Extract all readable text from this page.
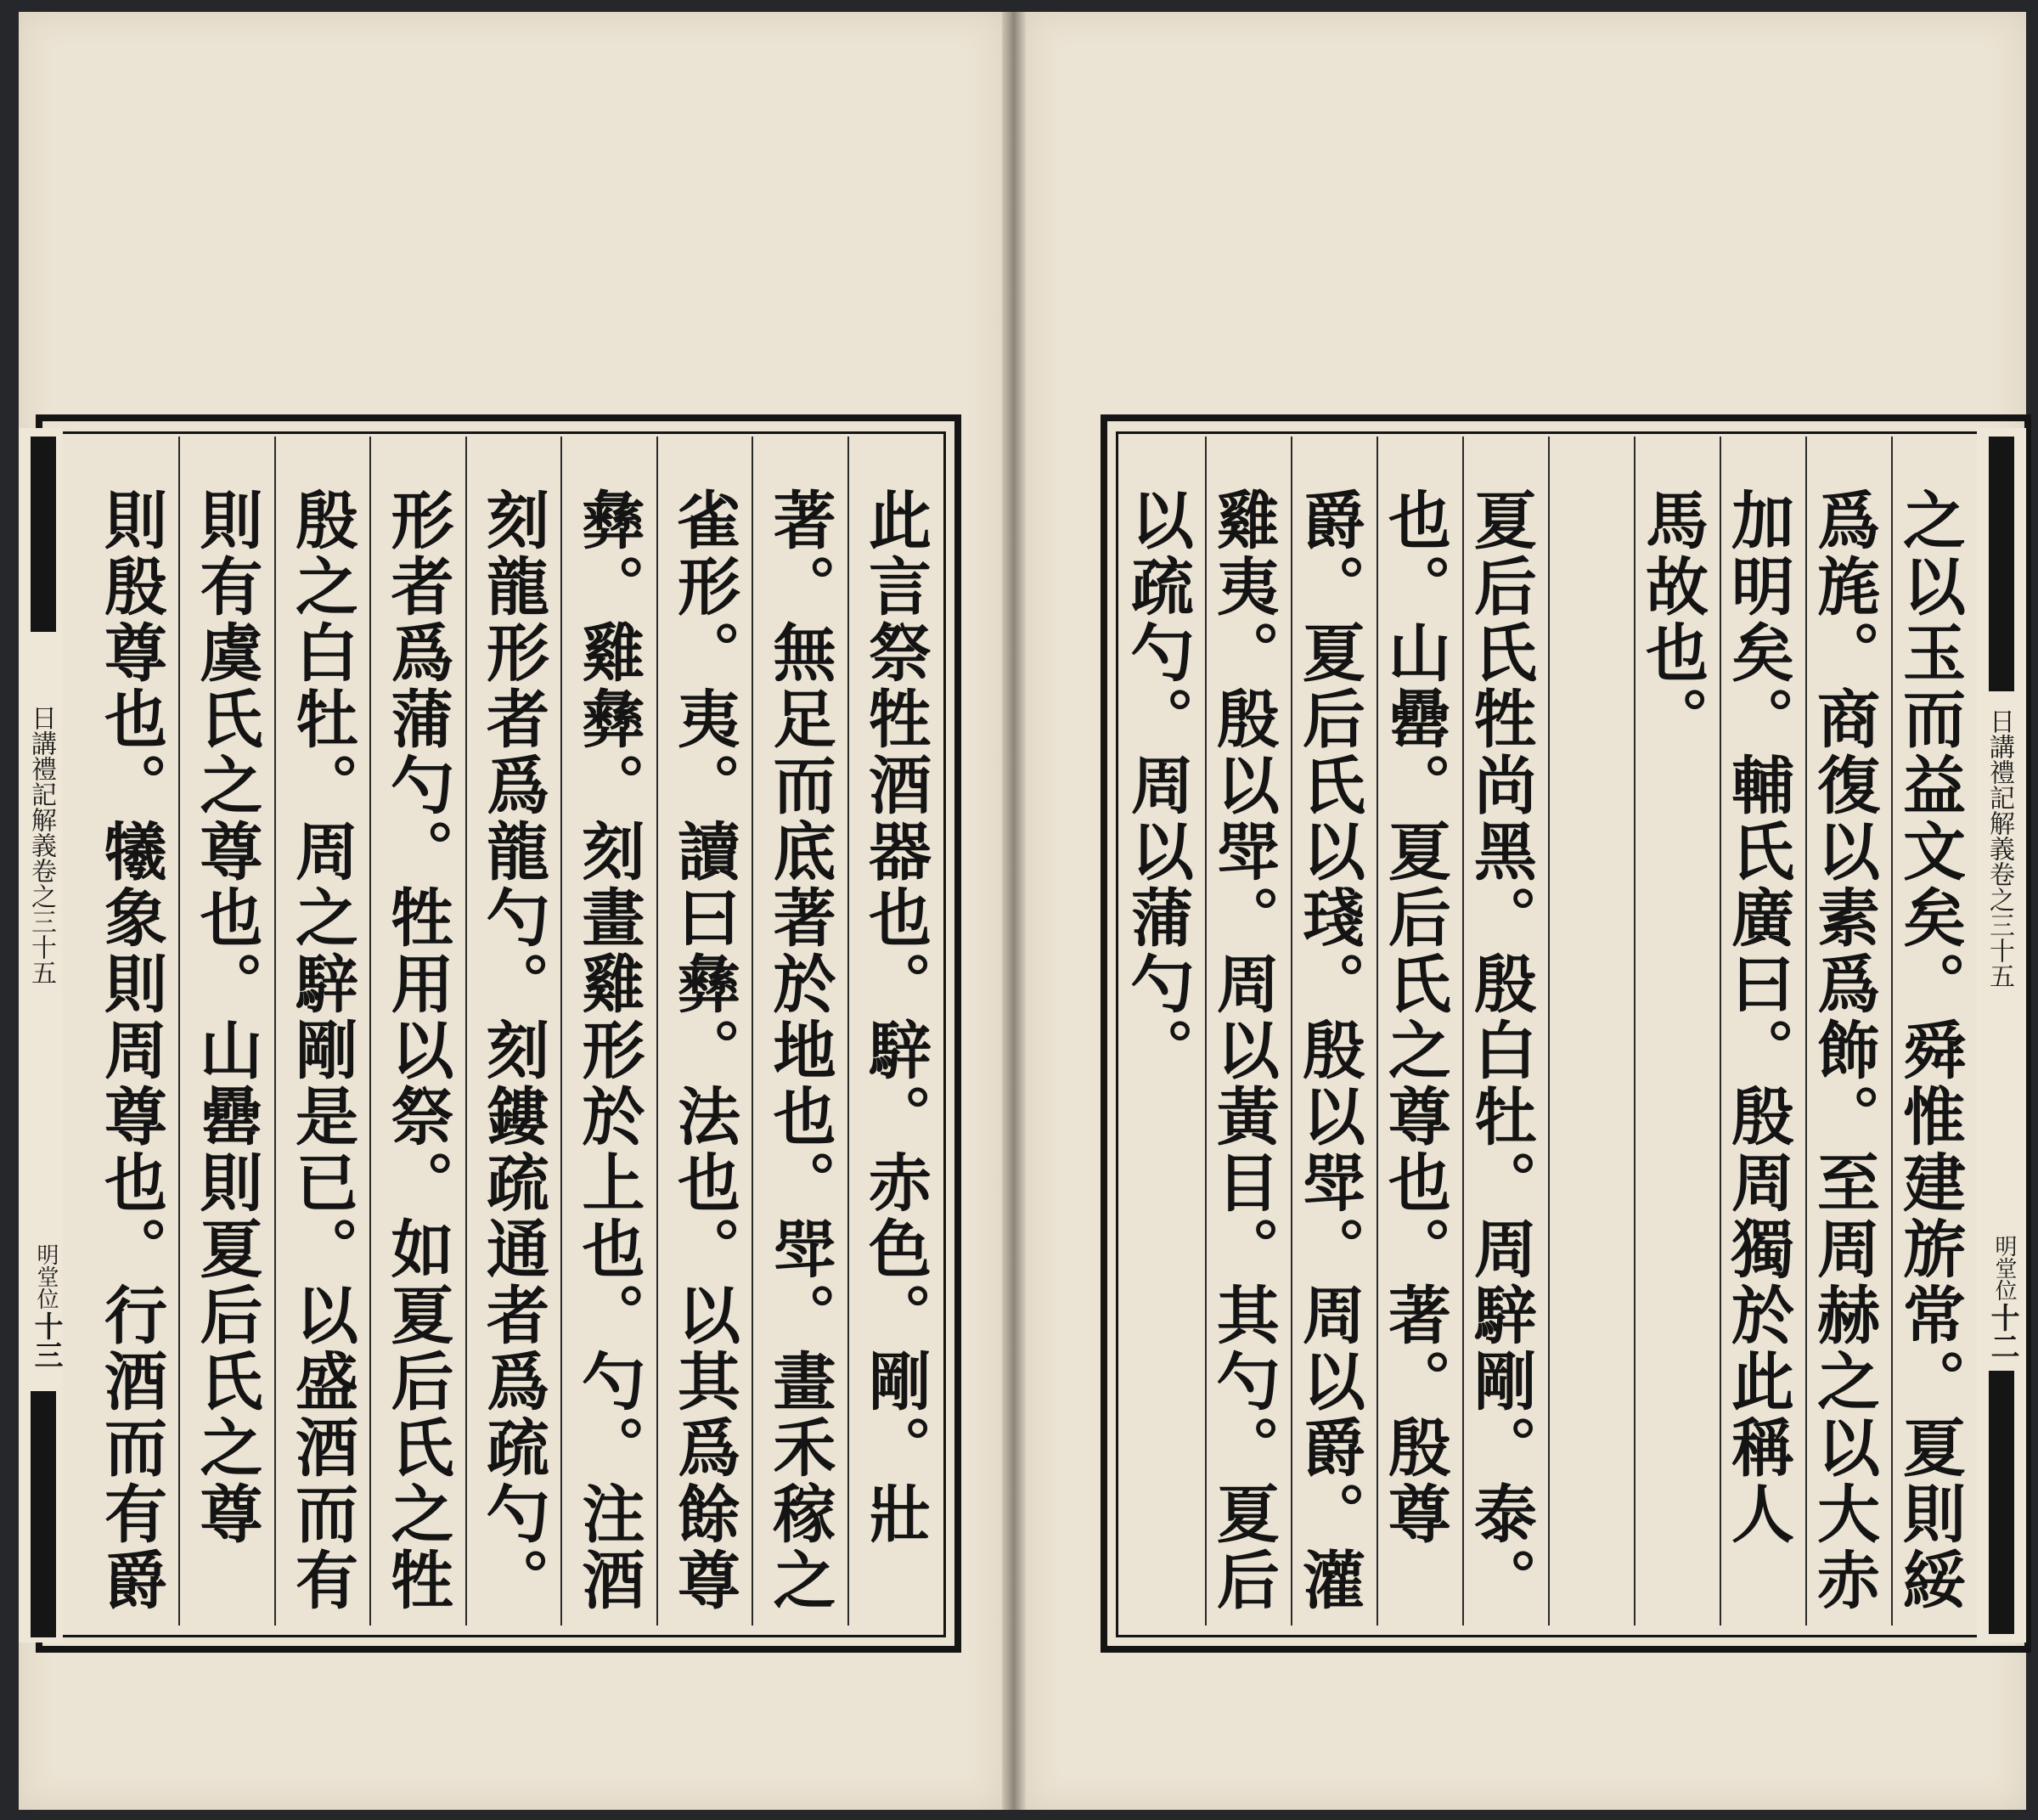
日講禮記解義卷之三十五
明堂位
十三
此言祭牲酒器也。騂。赤色。剛。壯
著。無足而底著於地也。斝。畫禾稼之
雀形。夷。讀曰彝。法也。以其爲餘尊
彝。雞彝。刻畫雞形於上也。勺。注酒
刻龍形者爲龍勺。刻鏤疏通者爲疏勺。
形者爲蒲勺。牲用以祭。如夏后氏之牲
殷之白牡。周之騂剛是已。以盛酒而有
則有虞氏之尊也。山罍則夏后氏之尊
則殷尊也。犧象則周尊也。行酒而有爵
日講禮記解義卷之三十五
明堂位
十二
之以玉而益文矣。舜惟建旂常。夏則綏
爲旄。商復以素爲飾。至周赫之以大赤
加明矣。輔氏廣曰。殷周獨於此稱人
馬故也。
夏后氏牲尚黑。殷白牡。周騂剛。泰。
也。山罍。夏后氏之尊也。著。殷尊
爵。夏后氏以琖。殷以斝。周以爵。灌
雞夷。殷以斝。周以黃目。其勺。夏后
以疏勺。周以蒲勺。
